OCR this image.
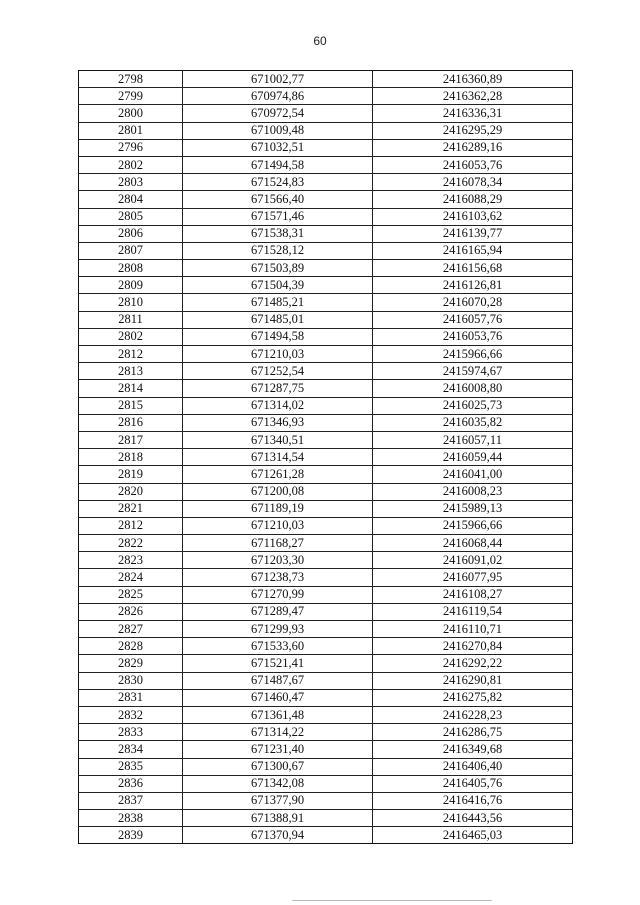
60
2798	671002,77	2416360,89
2799	670974,86	2416362,28
2800	670972,54	2416336,31
2801	671009,48	2416295,29
2796	671032,51	2416289,16
2802	671494,58	2416053,76
2803	671524,83	2416078,34
2804	671566,40	2416088,29
2805	671571,46	2416103,62
2806	671538,31	2416139,77
2807	671528,12	2416165,94
2808	671503,89	2416156,68
2809	671504,39	2416126,81
2810	671485,21	2416070,28
2811	671485,01	2416057,76
2802	671494,58	2416053,76
2812	671210,03	2415966,66
2813	671252,54	2415974,67
2814	671287,75	2416008,80
2815	671314,02	2416025,73
2816	671346,93	2416035,82
2817	671340,51	2416057,11
2818	671314,54	2416059,44
2819	671261,28	2416041,00
2820	671200,08	2416008,23
2821	671189,19	2415989,13
2812	671210,03	2415966,66
2822	671168,27	2416068,44
2823	671203,30	2416091,02
2824	671238,73	2416077,95
2825	671270,99	2416108,27
2826	671289,47	2416119,54
2827	671299,93	2416110,71
2828	671533,60	2416270,84
2829	671521,41	2416292,22
2830	671487,67	2416290,81
2831	671460,47	2416275,82
2832	671361,48	2416228,23
2833	671314,22	2416286,75
2834	671231,40	2416349,68
2835	671300,67	2416406,40
2836	671342,08	2416405,76
2837	671377,90	2416416,76
2838	671388,91	2416443,56
2839	671370,94	2416465,03
